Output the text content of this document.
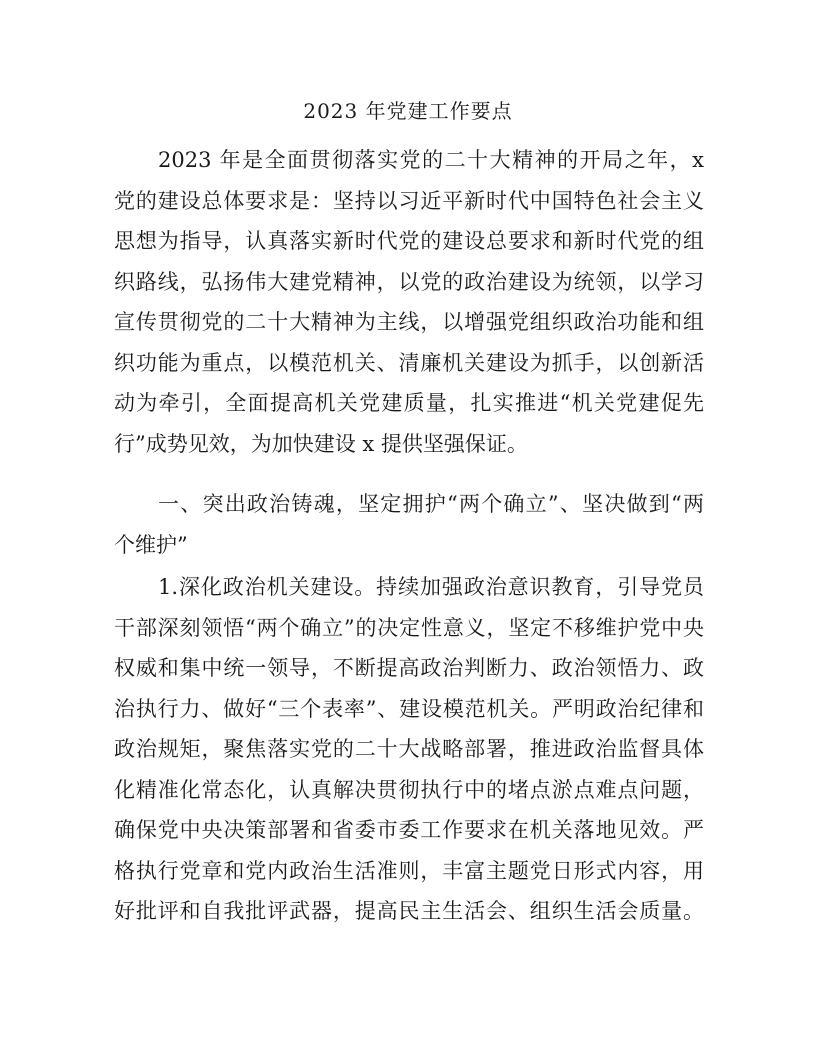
2023 年党建工作要点
2023 年是全面贯彻落实党的二十大精神的开局之年，x
党的建设总体要求是：坚持以习近平新时代中国特色社会主义
思想为指导，认真落实新时代党的建设总要求和新时代党的组
织路线，弘扬伟大建党精神，以党的政治建设为统领，以学习
宣传贯彻党的二十大精神为主线，以增强党组织政治功能和组
织功能为重点，以模范机关、清廉机关建设为抓手，以创新活
动为牵引，全面提高机关党建质量，扎实推进“机关党建促先
行”成势见效，为加快建设 x 提供坚强保证。
一、突出政治铸魂，坚定拥护“两个确立”、坚决做到“两
个维护”
1.深化政治机关建设。持续加强政治意识教育，引导党员
干部深刻领悟“两个确立”的决定性意义，坚定不移维护党中央
权威和集中统一领导，不断提高政治判断力、政治领悟力、政
治执行力、做好“三个表率”、建设模范机关。严明政治纪律和
政治规矩，聚焦落实党的二十大战略部署，推进政治监督具体
化精准化常态化，认真解决贯彻执行中的堵点淤点难点问题，
确保党中央决策部署和省委市委工作要求在机关落地见效。严
格执行党章和党内政治生活准则，丰富主题党日形式内容，用
好批评和自我批评武器，提高民主生活会、组织生活会质量。
